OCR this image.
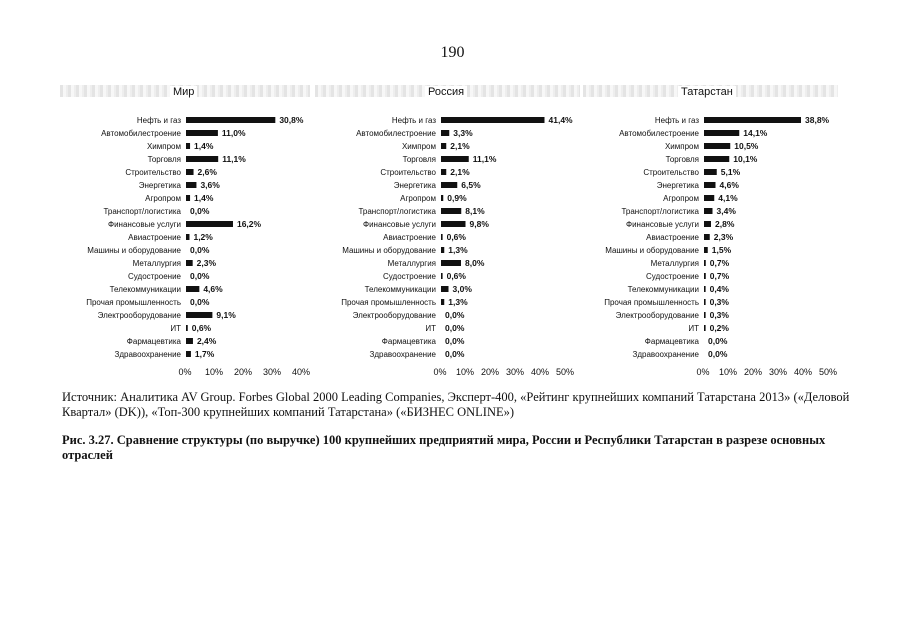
190
Мир
Нефть и газ	30,8%
Автомобилестроение	11,0%
Химпром 1,4%
Торговля	11,1%
Строительство 2,6%
Энергетика 3,6%
Агропром 1,4%
Транспорт/логистика 0,0%
Финансовые услуги	16,2%
Авиастроение 1,2%
Машины и оборудование 0,0%
Металлургия 2,3%
Судостроение 0,0%
Телекоммуникации	4,6%
Прочая промышленность 0,0%
Электрооборудование	9,1%
ИТ 0,6%
Фармацевтика 2,4%
Здравоохранение 1,7%
0% 10% 20% 30% 40%
Россия
Нефть и газ	41,4%
Автомобилестроение 3,3%
Химпром 2,1%
Торговля	11,1%
Строительство 2,1%
Энергетика	6,5%
Агропром 0,9%
Транспорт/логистика	8,1%
Финансовые услуги	9,8%
Авиастроение 0,6%
Машины и оборудование 1,3%
Металлургия	8,0%
Судостроение 0,6%
Телекоммуникации 3,0%
Прочая промышленность 1,3%
Электрооборудование 0,0%
ИТ 0,0%
Фармацевтика 0,0%
Здравоохранение 0,0%
0% 10% 20% 30% 40% 50%
Татарстан
Нефть и газ	38,8%
Автомобилестроение	14,1%
Химпром	10,5%
Торговля	10,1%
Строительство	5,1%
Энергетика 4,6%
Агропром 4,1%
Транспорт/логистика 3,4%
Финансовые услуги 2,8%
Авиастроение 2,3%
Машины и оборудование 1,5%
Металлургия 0,7%
Судостроение 0,7%
Телекоммуникации 0,4%
Прочая промышленность 0,3%
Электрооборудование 0,3%
ИТ 0,2%
Фармацевтика 0,0%
Здравоохранение 0,0%
0% 10% 20% 30% 40% 50%
Источник: Аналитика AV Group. Forbes Global 2000 Leading Companies, Эксперт-400, «Рейтинг крупнейших компаний Татарстана 2013» («Деловой Квартал» (DK)), «Топ-300 крупнейших компаний Татарстана» («БИЗНЕС ONLINE»)
Рис. 3.27. Сравнение структуры (по выручке) 100 крупнейших предприятий мира, России и Республики Татарстан в разрезе основных отраслей
